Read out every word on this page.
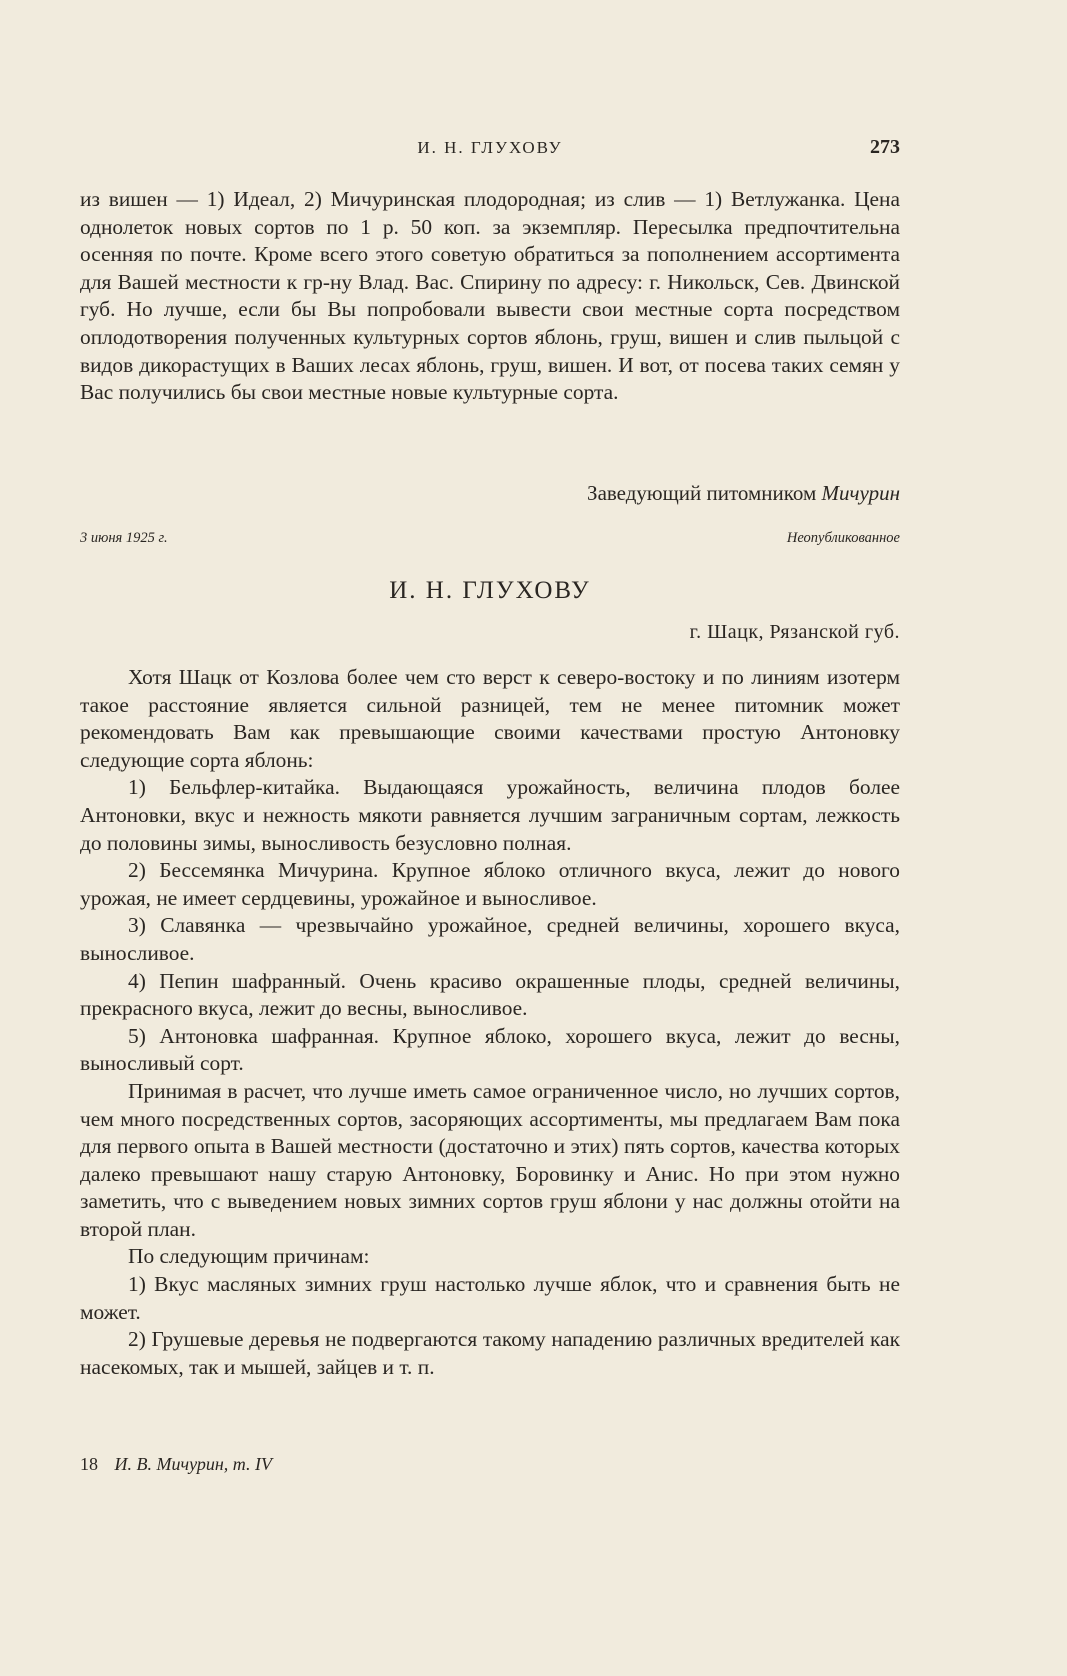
И. Н. ГЛУХОВУ	273

из вишен — 1) Идеал, 2) Мичуринская плодородная; из слив — 1) Ветлужанка. Цена однолеток новых сортов по 1 р. 50 коп. за экземпляр. Пересылка предпочтительна осенняя по почте. Кроме всего этого советую обратиться за пополнением ассортимента для Вашей местности к гр-ну Влад. Вас. Спирину по адресу: г. Никольск, Сев. Двинской губ. Но лучше, если бы Вы попробовали вывести свои местные сорта посредством оплодотворения полученных культурных сортов яблонь, груш, вишен и слив пыльцой с видов дикорастущих в Ваших лесах яблонь, груш, вишен. И вот, от посева таких семян у Вас получились бы свои местные новые культурные сорта.

Заведующий питомником Мичурин
3 июня 1925 г.	Неопубликованное
И. Н. ГЛУХОВУ
г. Шацк, Рязанской губ.

Хотя Шацк от Козлова более чем сто верст к северо-востоку и по линиям изотерм такое расстояние является сильной разницей, тем не менее питомник может рекомендовать Вам как превышающие своими качествами простую Антоновку следующие сорта яблонь:

1) Бельфлер-китайка. Выдающаяся урожайность, величина плодов более Антоновки, вкус и нежность мякоти равняется лучшим заграничным сортам, лежкость до половины зимы, выносливость безусловно полная.

2) Бессемянка Мичурина. Крупное яблоко отличного вкуса, лежит до нового урожая, не имеет сердцевины, урожайное и выносливое.

3) Славянка — чрезвычайно урожайное, средней величины, хорошего вкуса, выносливое.

4) Пепин шафранный. Очень красиво окрашенные плоды, средней величины, прекрасного вкуса, лежит до весны, выносливое.

5) Антоновка шафранная. Крупное яблоко, хорошего вкуса, лежит до весны, выносливый сорт.

Принимая в расчет, что лучше иметь самое ограниченное число, но лучших сортов, чем много посредственных сортов, засоряющих ассортименты, мы предлагаем Вам пока для первого опыта в Вашей местности (достаточно и этих) пять сортов, качества которых далеко превышают нашу старую Антоновку, Боровинку и Анис. Но при этом нужно заметить, что с выведением новых зимних сортов груш яблони у нас должны отойти на второй план.

По следующим причинам:

1) Вкус масляных зимних груш настолько лучше яблок, что и сравнения быть не может.

2) Грушевые деревья не подвергаются такому нападению различных вредителей как насекомых, так и мышей, зайцев и т. п.

18 И. В. Мичурин, т. IV
